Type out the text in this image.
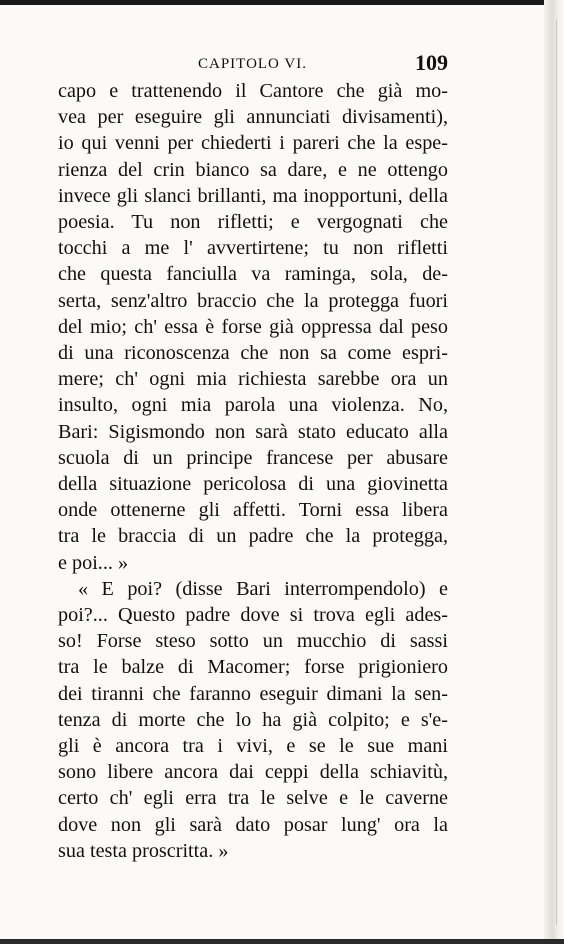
CAPITOLO VI.	109
capo e trattenendo il Cantore che già mo-
vea per eseguire gli annunciati divisamenti),
io qui venni per chiederti i pareri che la espe-
rienza del crin bianco sa dare, e ne ottengo
invece gli slanci brillanti, ma inopportuni, della
poesia. Tu non rifletti; e vergognati che
tocchi a me l' avvertirtene; tu non rifletti
che questa fanciulla va raminga, sola, de-
serta, senz'altro braccio che la protegga fuori
del mio; ch' essa è forse già oppressa dal peso
di una riconoscenza che non sa come espri-
mere; ch' ogni mia richiesta sarebbe ora un
insulto, ogni mia parola una violenza. No,
Bari: Sigismondo non sarà stato educato alla
scuola di un principe francese per abusare
della situazione pericolosa di una giovinetta
onde ottenerne gli affetti. Torni essa libera
tra le braccia di un padre che la protegga,
e poi... »
« E poi? (disse Bari interrompendolo) e
poi?... Questo padre dove si trova egli ades-
so! Forse steso sotto un mucchio di sassi
tra le balze di Macomer; forse prigioniero
dei tiranni che faranno eseguir dimani la sen-
tenza di morte che lo ha già colpito; e s'e-
gli è ancora tra i vivi, e se le sue mani
sono libere ancora dai ceppi della schiavitù,
certo ch' egli erra tra le selve e le caverne
dove non gli sarà dato posar lung' ora la
sua testa proscritta. »
